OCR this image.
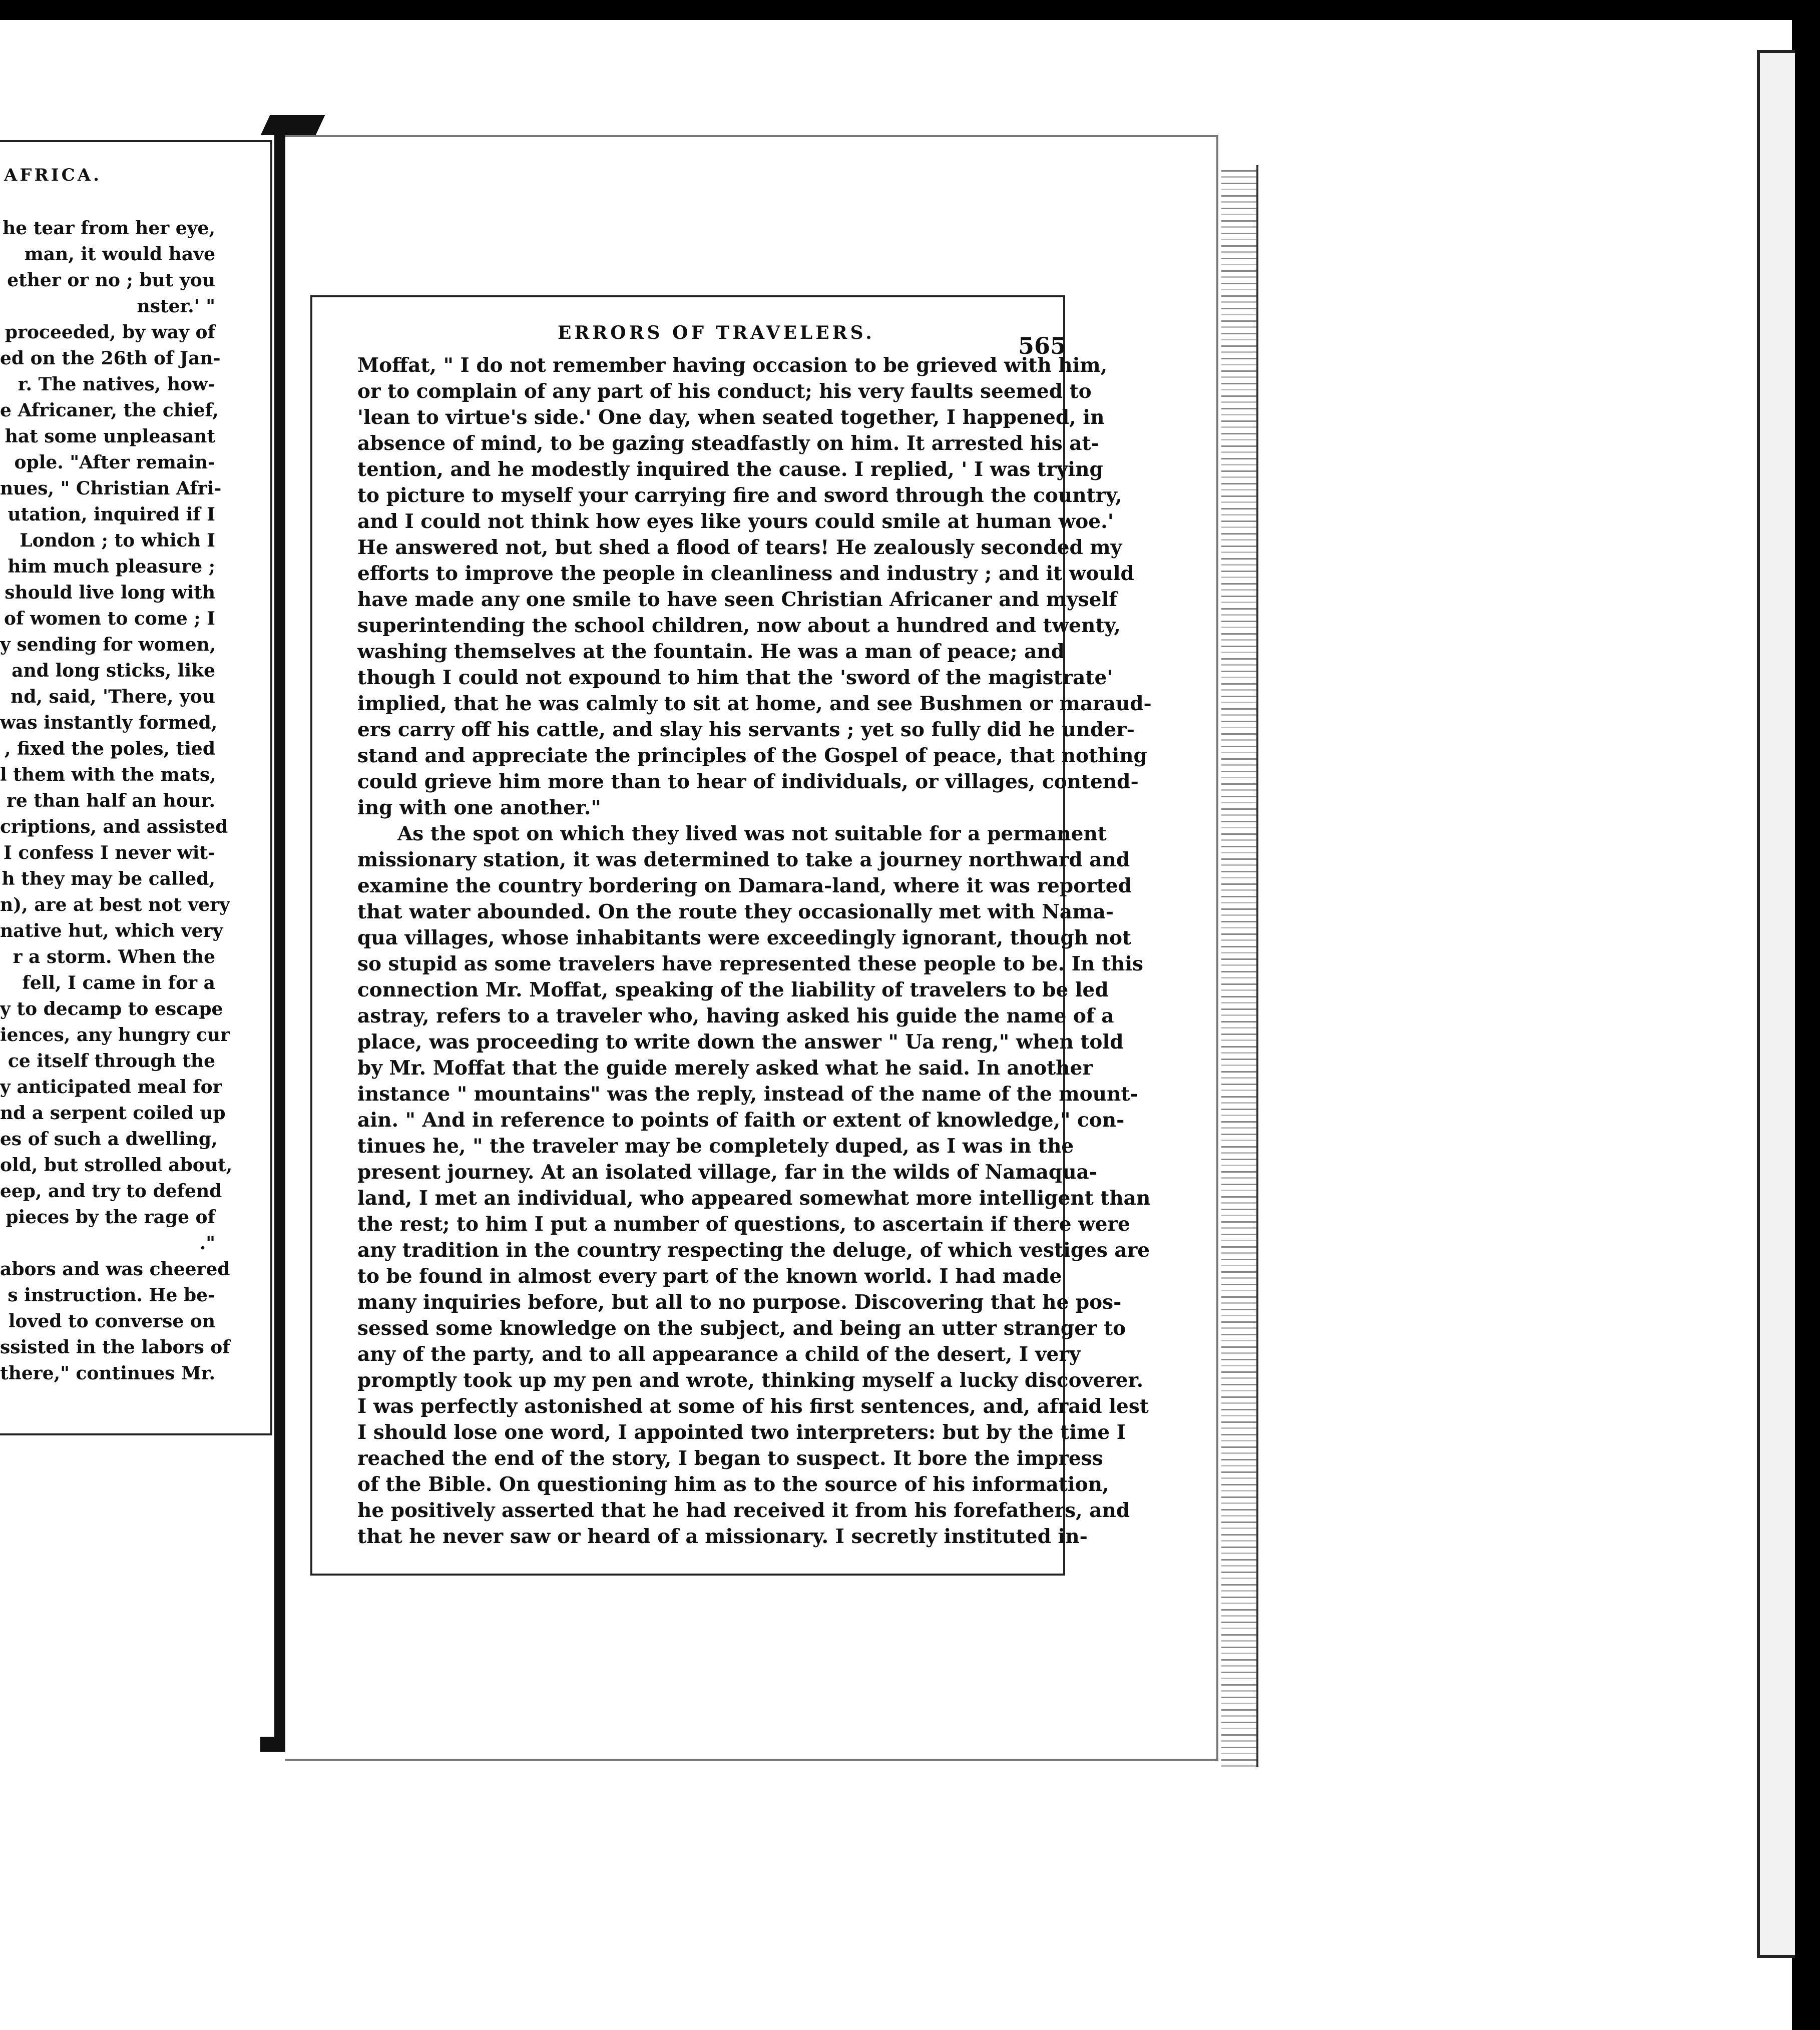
AFRICA.
he tear from her eye,
man, it would have
ether or no ; but you
nster.' "
proceeded, by way of
ed on the 26th of Jan-
r. The natives, how-
e Africaner, the chief,
hat some unpleasant
ople. "After remain-
nues, " Christian Afri-
utation, inquired if I
London ; to which I
him much pleasure ;
should live long with
of women to come ; I
y sending for women,
and long sticks, like
nd, said, 'There, you
was instantly formed,
, fixed the poles, tied
l them with the mats,
re than half an hour.
criptions, and assisted
I confess I never wit-
h they may be called,
n), are at best not very
native hut, which very
r a storm. When the
fell, I came in for a
y to decamp to escape
iences, any hungry cur
ce itself through the
y anticipated meal for
nd a serpent coiled up
es of such a dwelling,
old, but strolled about,
eep, and try to defend
pieces by the rage of
."
abors and was cheered
s instruction. He be-
loved to converse on
ssisted in the labors of
there," continues Mr.
ERRORS OF TRAVELERS.	565
Moffat, " I do not remember having occasion to be grieved with him,
or to complain of any part of his conduct; his very faults seemed to
'lean to virtue's side.' One day, when seated together, I happened, in
absence of mind, to be gazing steadfastly on him. It arrested his at-
tention, and he modestly inquired the cause. I replied, ' I was trying
to picture to myself your carrying fire and sword through the country,
and I could not think how eyes like yours could smile at human woe.'
He answered not, but shed a flood of tears! He zealously seconded my
efforts to improve the people in cleanliness and industry ; and it would
have made any one smile to have seen Christian Africaner and myself
superintending the school children, now about a hundred and twenty,
washing themselves at the fountain. He was a man of peace; and
though I could not expound to him that the 'sword of the magistrate'
implied, that he was calmly to sit at home, and see Bushmen or maraud-
ers carry off his cattle, and slay his servants ; yet so fully did he under-
stand and appreciate the principles of the Gospel of peace, that nothing
could grieve him more than to hear of individuals, or villages, contend-
ing with one another."
As the spot on which they lived was not suitable for a permanent
missionary station, it was determined to take a journey northward and
examine the country bordering on Damara-land, where it was reported
that water abounded. On the route they occasionally met with Nama-
qua villages, whose inhabitants were exceedingly ignorant, though not
so stupid as some travelers have represented these people to be. In this
connection Mr. Moffat, speaking of the liability of travelers to be led
astray, refers to a traveler who, having asked his guide the name of a
place, was proceeding to write down the answer " Ua reng," when told
by Mr. Moffat that the guide merely asked what he said. In another
instance " mountains" was the reply, instead of the name of the mount-
ain. " And in reference to points of faith or extent of knowledge," con-
tinues he, " the traveler may be completely duped, as I was in the
present journey. At an isolated village, far in the wilds of Namaqua-
land, I met an individual, who appeared somewhat more intelligent than
the rest; to him I put a number of questions, to ascertain if there were
any tradition in the country respecting the deluge, of which vestiges are
to be found in almost every part of the known world. I had made
many inquiries before, but all to no purpose. Discovering that he pos-
sessed some knowledge on the subject, and being an utter stranger to
any of the party, and to all appearance a child of the desert, I very
promptly took up my pen and wrote, thinking myself a lucky discoverer.
I was perfectly astonished at some of his first sentences, and, afraid lest
I should lose one word, I appointed two interpreters: but by the time I
reached the end of the story, I began to suspect. It bore the impress
of the Bible. On questioning him as to the source of his information,
he positively asserted that he had received it from his forefathers, and
that he never saw or heard of a missionary. I secretly instituted in-
